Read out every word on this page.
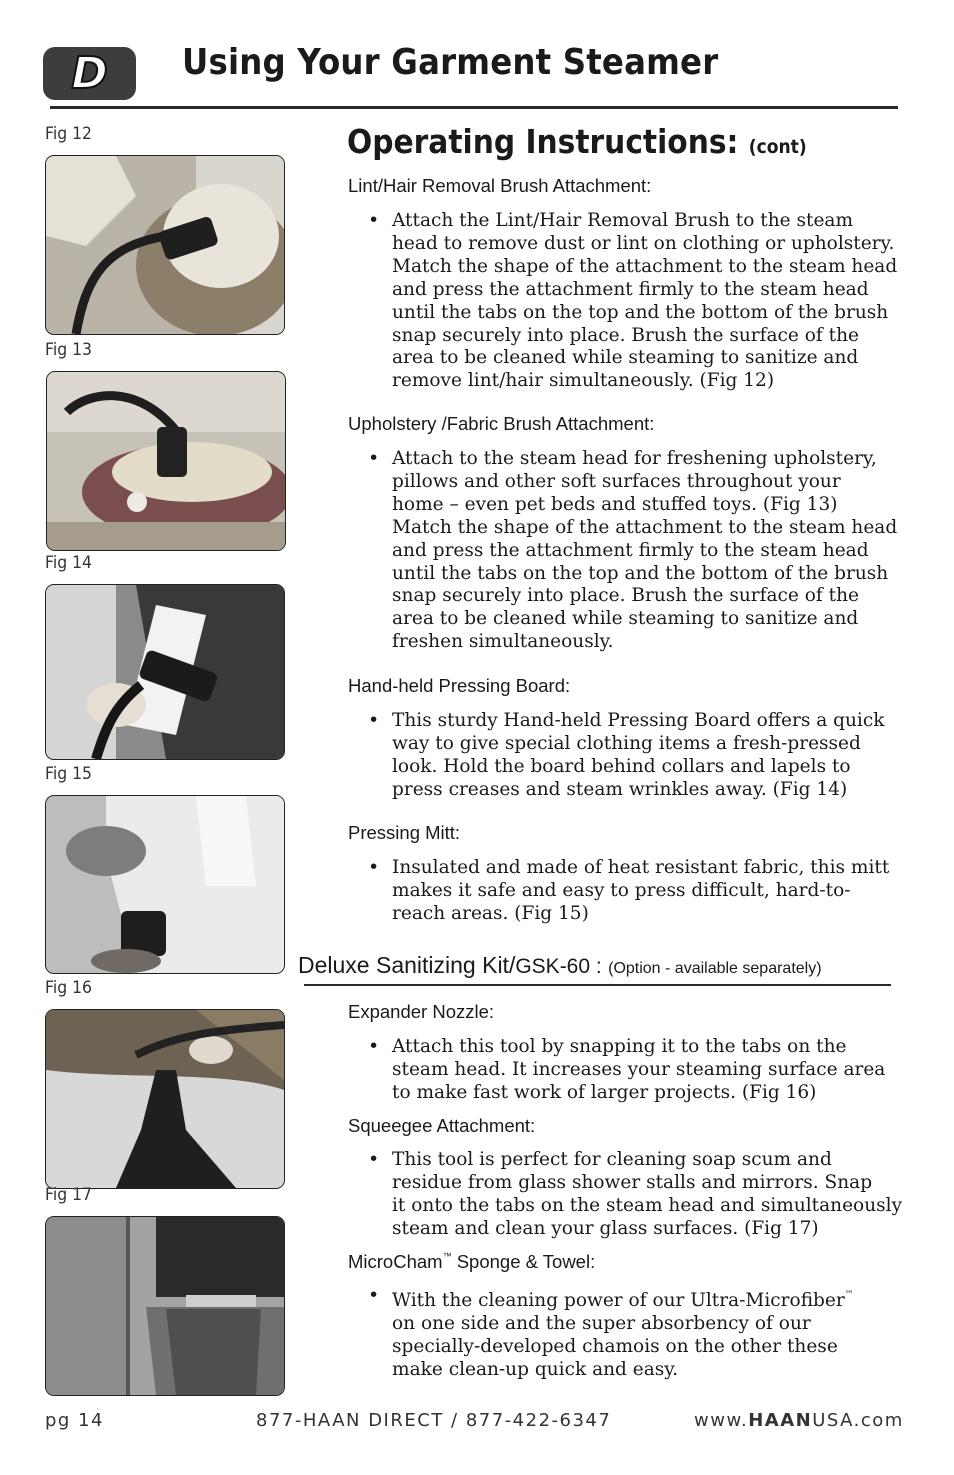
D Using Your Garment Steamer
Fig 12
Fig 13
Fig 14
Fig 15
Fig 16
Fig 17
Operating Instructions: (cont)
Lint/Hair Removal Brush Attachment:
• Attach the Lint/Hair Removal Brush to the steam
head to remove dust or lint on clothing or upholstery.
Match the shape of the attachment to the steam head
and press the attachment firmly to the steam head
until the tabs on the top and the bottom of the brush
snap securely into place. Brush the surface of the
area to be cleaned while steaming to sanitize and
remove lint/hair simultaneously. (Fig 12)
Upholstery /Fabric Brush Attachment:
• Attach to the steam head for freshening upholstery,
pillows and other soft surfaces throughout your
home – even pet beds and stuffed toys. (Fig 13)
Match the shape of the attachment to the steam head
and press the attachment firmly to the steam head
until the tabs on the top and the bottom of the brush
snap securely into place. Brush the surface of the
area to be cleaned while steaming to sanitize and
freshen simultaneously.
Hand-held Pressing Board:
• This sturdy Hand-held Pressing Board offers a quick
way to give special clothing items a fresh-pressed
look. Hold the board behind collars and lapels to
press creases and steam wrinkles away. (Fig 14)
Pressing Mitt:
• Insulated and made of heat resistant fabric, this mitt
makes it safe and easy to press difficult, hard-to-
reach areas. (Fig 15)
Deluxe Sanitizing Kit/GSK-60 : (Option - available separately)
Expander Nozzle:
• Attach this tool by snapping it to the tabs on the
steam head. It increases your steaming surface area
to make fast work of larger projects. (Fig 16)
Squeegee Attachment:
• This tool is perfect for cleaning soap scum and
residue from glass shower stalls and mirrors. Snap
it onto the tabs on the steam head and simultaneously
steam and clean your glass surfaces. (Fig 17)
MicroCham™ Sponge & Towel:
• With the cleaning power of our Ultra-Microfiber™
on one side and the super absorbency of our
specially-developed chamois on the other these
make clean-up quick and easy.
pg 14	877-HAAN DIRECT / 877-422-6347	www.HAANUSA.com
